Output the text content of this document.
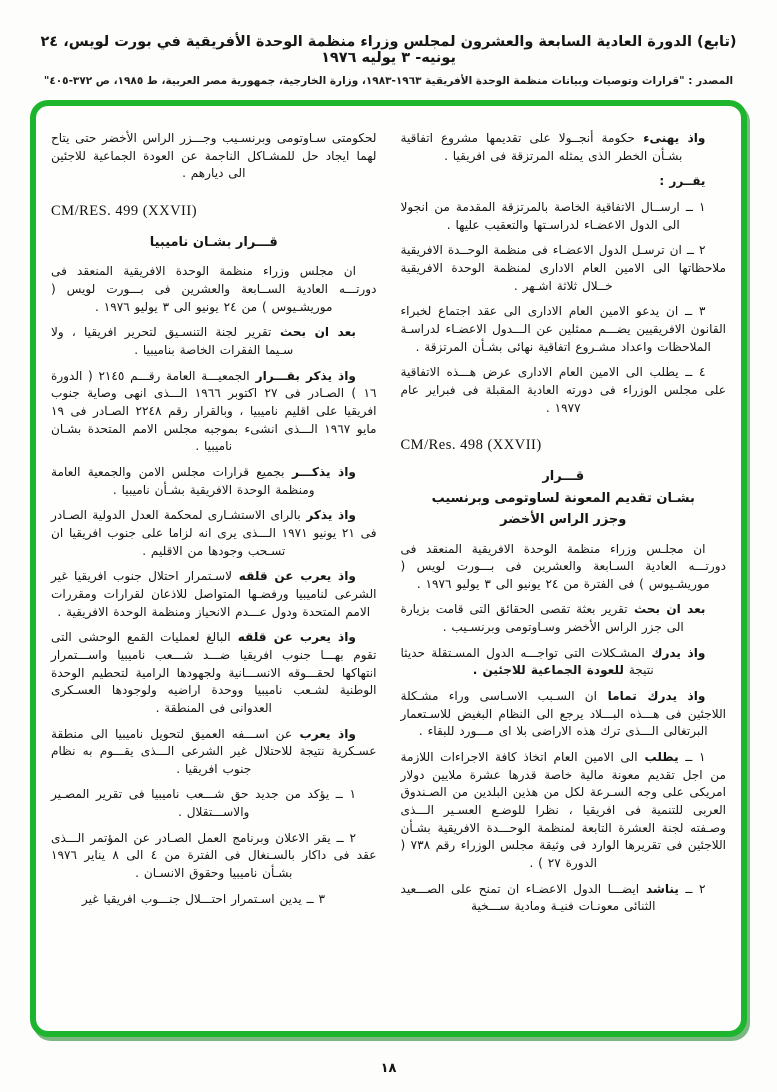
(تابع) الدورة العادية السابعة والعشرون لمجلس وزراء منظمة الوحدة الأفريقية في بورت لويس، ٢٤ يونيه- ٣ يوليه ١٩٧٦
المصدر : "قرارات وتوصيات وبيانات منظمة الوحدة الأفريقية ١٩٦٣-١٩٨٣، وزارة الخارجية، جمهورية مصر العربية، ط ١٩٨٥، ص ٣٧٢-٤٠٥"

واذ يهنىء حكومة أنجــولا على تقديمها مشروع اتفاقية بشـأن الخطر الذى يمثله المرتزقة فى افريقيا .

يقــرر :

١ ــ ارســال الاتفاقية الخاصة بالمرتزقة المقدمة من انجولا الى الدول الاعضـاء لدراسـتها والتعقيب عليها .

٢ ــ ان ترسـل الدول الاعضـاء فى منظمة الوحــدة الافريقية ملاحظاتها الى الامين العام الادارى لمنظمة الوحدة الافريقية خــلال ثلاثة اشـهر .

٣ ــ ان يدعو الامين العام الادارى الى عقد اجتماع لخبراء القانون الافريقيين يضـــم ممثلين عن الـــدول الاعضـاء لدراسـة الملاحظات واعداد مشـروع اتفاقية نهائى بشـأن المرتزقة .

٤ ــ يطلب الى الامين العام الادارى عرض هـــذه الاتفاقية على مجلس الوزراء فى دورته العادية المقبلة فى فبراير عام ١٩٧٧ .

CM/Res. 498 (XXVII)
قـــرار
بشـان تقديم المعونة لساوتومى وبرنسيب
وجزر الراس الأخضر

ان مجلـس وزراء منظمة الوحدة الافريقية المنعقد فى دورتـــه العادية السـابعة والعشرين فى بـــورت لويس ( موريشـيوس ) فى الفترة من ٢٤ يونيو الى ٣ يوليو ١٩٧٦ .

بعد ان بحث تقرير بعثة تقصى الحقائق التى قامت بزيارة الى جزر الراس الأخضر وسـاوتومى وبرنسـيب .

واذ يدرك المشـكلات التى تواجـــه الدول المسـتقلة حديثا نتيجة للعودة الجماعية للاجئين .

واذ يدرك تماما ان السـبب الاسـاسى وراء مشـكلة اللاجئين فى هـــذه البـــلاد يرجع الى النظام البغيض للاسـتعمار البرتغالى الـــذى ترك هذه الاراضى بلا اى مـــورد للبقاء .

١ ــ يطلب الى الامين العام اتخاذ كافة الاجراءات اللازمة من اجل تقديم معونة مالية خاصة قدرها عشرة ملايين دولار امريكى على وجه السـرعة لكل من هذين البلدين من الصـندوق العربى للتنمية فى افريقيا ، نظرا للوضـع العسـير الـــذى وصـفته لجنة العشرة التابعة لمنظمة الوحـــدة الافريقية بشـأن اللاجئين فى تقريرها الوارد فى وثيقة مجلس الوزراء رقم ٧٣٨ ( الدورة ٢٧ ) .

٢ ــ يناشد ايضـــا الدول الاعضـاء ان تمنح على الصـــعيد الثنائى معونـات فنيـة ومادية ســـخية

لحكومتى سـاوتومى وبرنسـيب وجـــزر الراس الأخضر حتى يتاح لهما ايجاد حل للمشـاكل الناجمة عن العودة الجماعية للاجئين الى ديارهم .

CM/RES. 499 (XXVII)
قـــرار بشـان ناميبيا

ان مجلس وزراء منظمة الوحدة الافريقية المنعقد فى دورتـــه العادية الســابعة والعشرين فى بـــورت لويس ( موريشـيوس ) من ٢٤ يونيو الى ٣ يوليو ١٩٧٦ .

بعد ان بحث تقرير لجنة التنسـيق لتحرير افريقيا ، ولا سـيما الفقرات الخاصة بناميبيا .

واذ يذكر بقـــرار الجمعيـــة العامة رقـــم ٢١٤٥ ( الدورة ١٦ ) الصـادر فى ٢٧ اكتوبر ١٩٦٦ الـــذى انهى وصاية جنوب افريقيا على اقليم ناميبيا ، وبالقرار رقم ٢٢٤٨ الصـادر فى ١٩ مايو ١٩٦٧ الـــذى انشىء بموجبه مجلس الامم المتحدة بشـان ناميبيا .

واذ يذكـــر بجميع قرارات مجلس الامن والجمعية العامة ومنظمة الوحدة الافريقية بشـأن ناميبيا .

واذ يذكر بالراى الاستشـارى لمحكمة العدل الدولية الصـادر فى ٢١ يونيو ١٩٧١ الـــذى يرى انه لزاما على جنوب افريقيا ان تسـحب وجودها من الاقليم .

واذ يعرب عن قلقه لاسـتمرار احتلال جنوب افريقيا غير الشرعى لناميبيا ورفضـها المتواصل للاذعان لقرارات ومقررات الامم المتحدة ودول عـــدم الانحياز ومنظمة الوحدة الافريقية .

واذ يعرب عن قلقه البالغ لعمليات القمع الوحشى التى تقوم بهـــا جنوب افريقيا ضـــد شـــعب ناميبيا واســـتمرار انتهاكها لحقـــوقه الانســـانية ولجهودها الرامية لتحطيم الوحدة الوطنية لشـعب ناميبيا ووحدة اراضيه ولوجودها العسـكرى العدوانى فى المنطقة .

واذ يعرب عن اســـفه العميق لتحويل ناميبيا الى منطقة عسـكرية نتيجة للاحتلال غير الشرعى الـــذى يقـــوم به نظام جنوب افريقيا .

١ ــ يؤكد من جديد حق شـــعب ناميبيا فى تقرير المصـير والاســـتقلال .

٢ ــ يقر الاعلان وبرنامج العمل الصـادر عن المؤتمر الـــذى عقد فى داكار بالسـنغال فى الفترة من ٤ الى ٨ يناير ١٩٧٦ بشـأن ناميبيا وحقوق الانسـان .

٣ ــ يدين اسـتمرار احتـــلال جنـــوب افريقيا غير

١٨
